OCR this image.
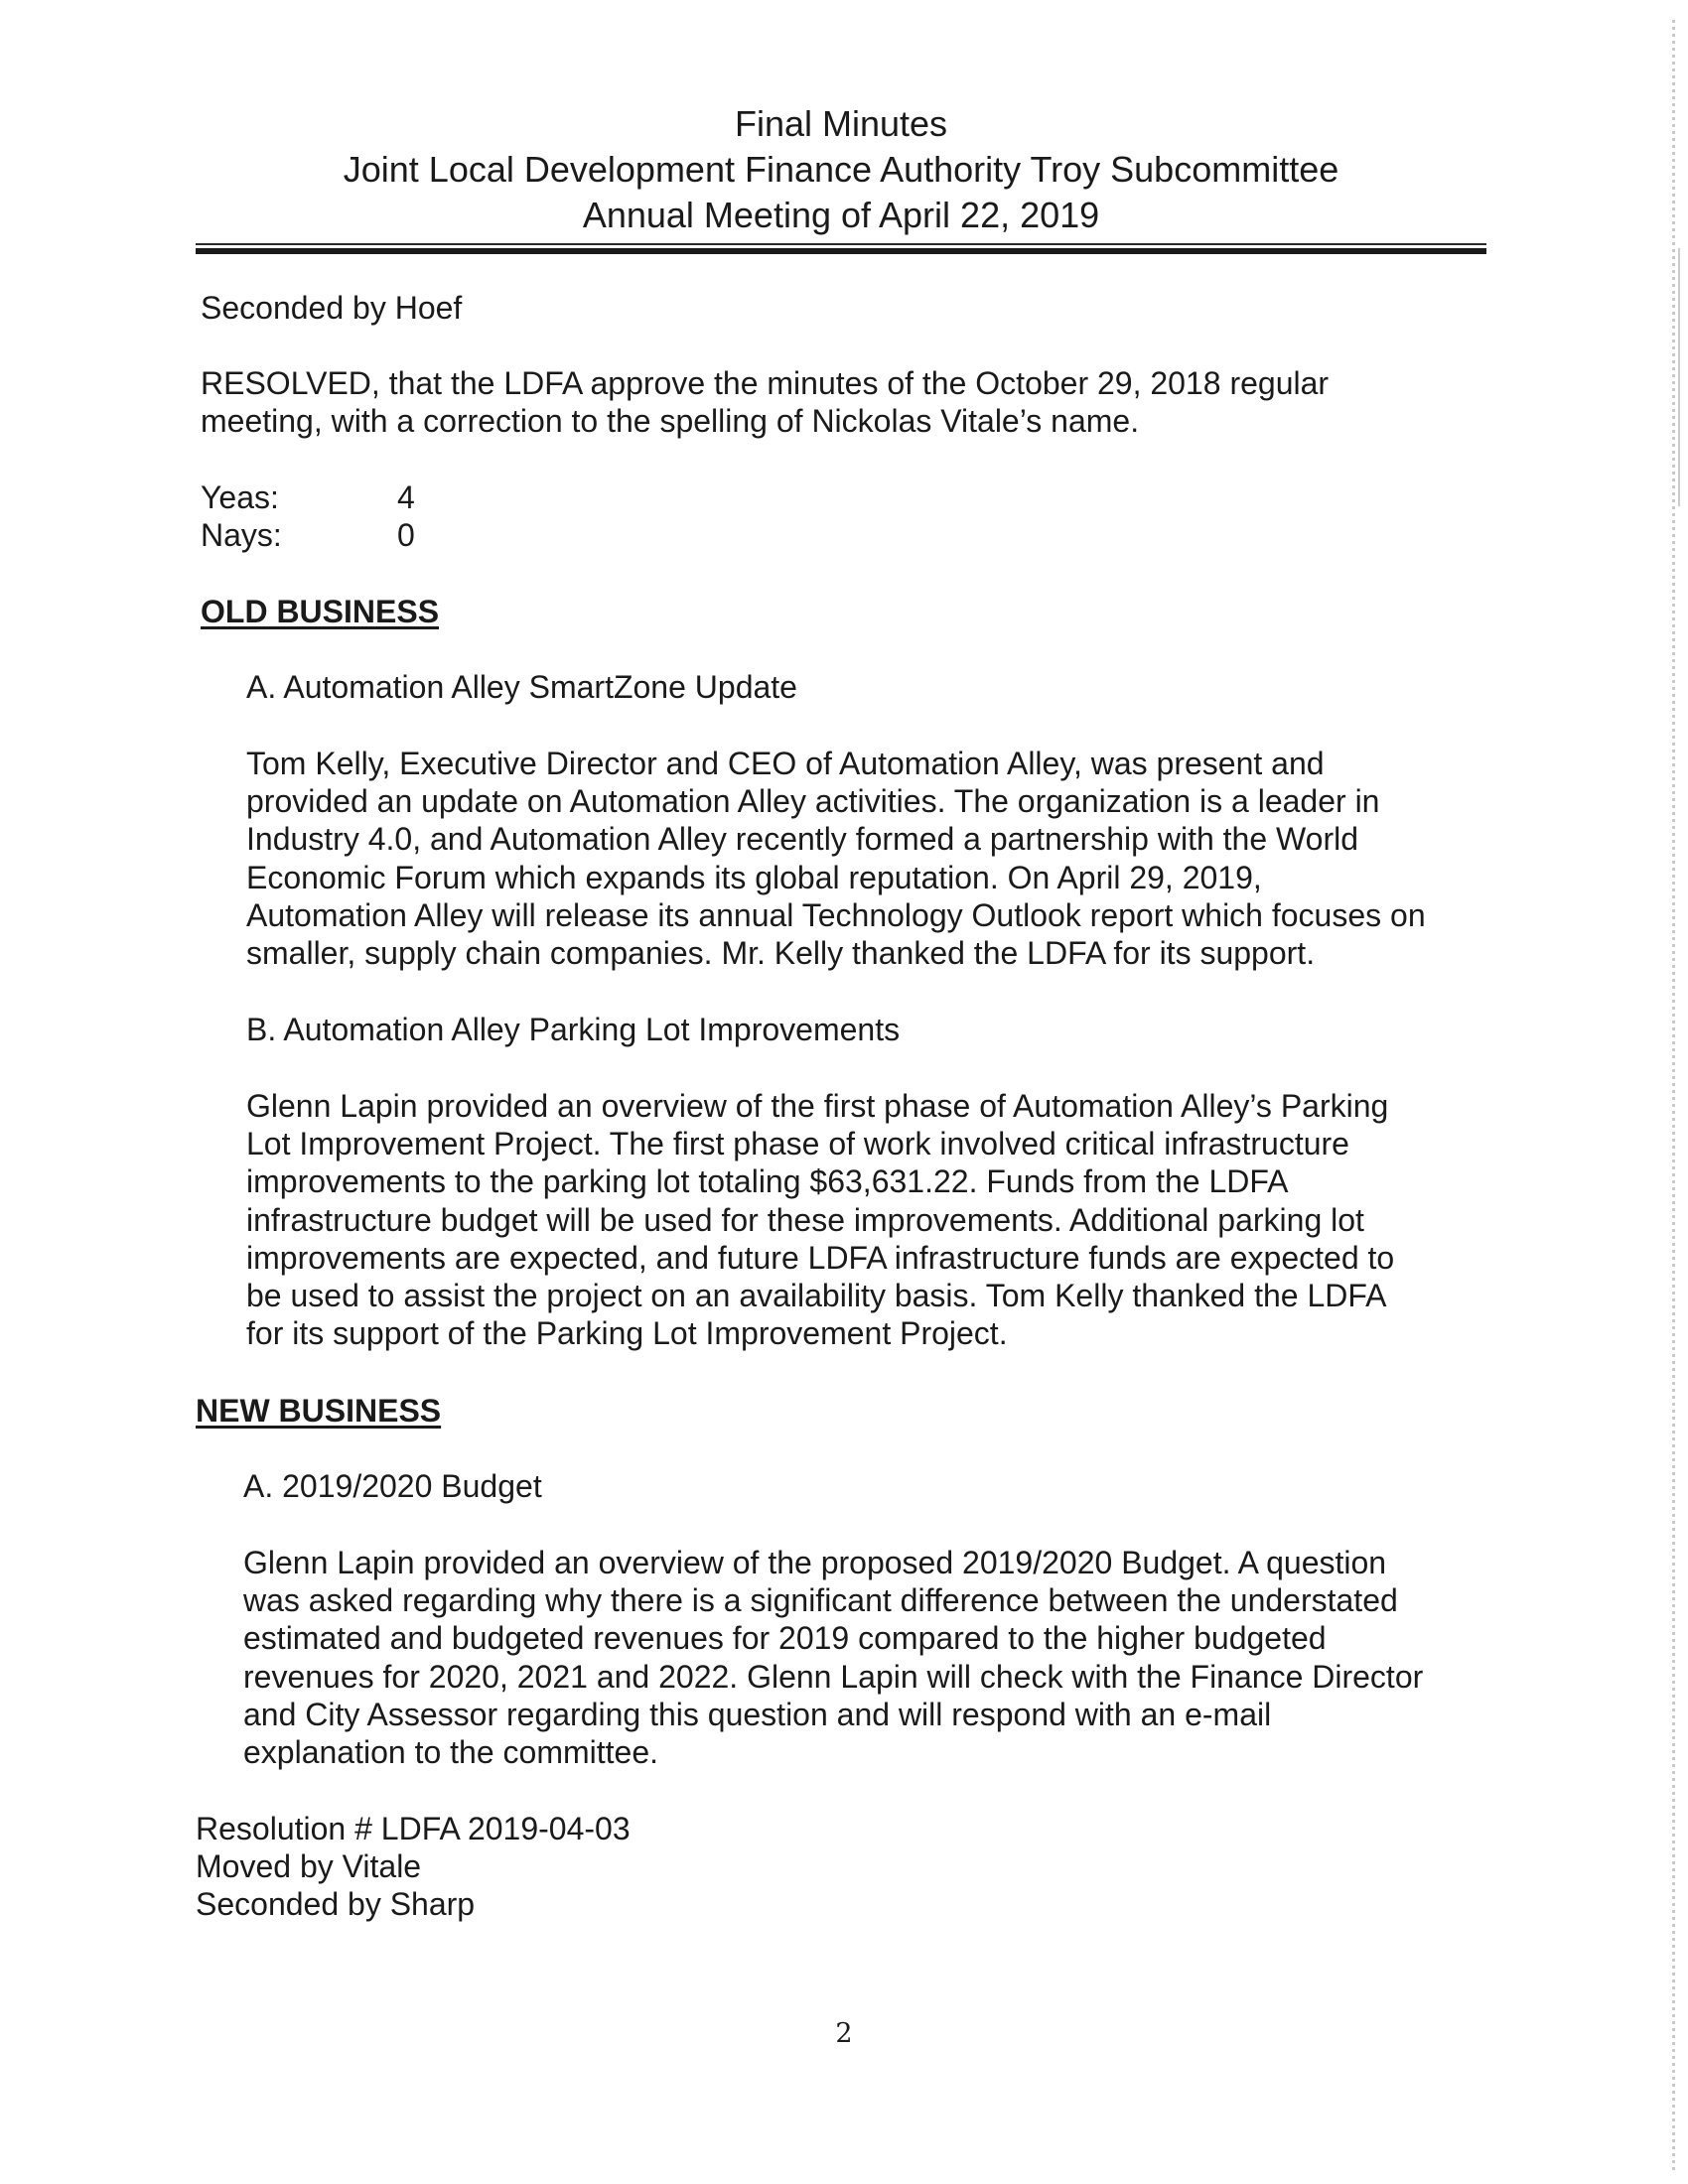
Final Minutes
Joint Local Development Finance Authority Troy Subcommittee
Annual Meeting of April 22, 2019
Seconded by Hoef
RESOLVED, that the LDFA approve the minutes of the October 29, 2018 regular
meeting, with a correction to the spelling of Nickolas Vitale’s name.
Yeas:	4
Nays:	0
OLD BUSINESS
A. Automation Alley SmartZone Update
Tom Kelly, Executive Director and CEO of Automation Alley, was present and
provided an update on Automation Alley activities. The organization is a leader in
Industry 4.0, and Automation Alley recently formed a partnership with the World
Economic Forum which expands its global reputation. On April 29, 2019,
Automation Alley will release its annual Technology Outlook report which focuses on
smaller, supply chain companies. Mr. Kelly thanked the LDFA for its support.
B. Automation Alley Parking Lot Improvements
Glenn Lapin provided an overview of the first phase of Automation Alley’s Parking
Lot Improvement Project. The first phase of work involved critical infrastructure
improvements to the parking lot totaling $63,631.22. Funds from the LDFA
infrastructure budget will be used for these improvements. Additional parking lot
improvements are expected, and future LDFA infrastructure funds are expected to
be used to assist the project on an availability basis. Tom Kelly thanked the LDFA
for its support of the Parking Lot Improvement Project.
NEW BUSINESS
A. 2019/2020 Budget
Glenn Lapin provided an overview of the proposed 2019/2020 Budget. A question
was asked regarding why there is a significant difference between the understated
estimated and budgeted revenues for 2019 compared to the higher budgeted
revenues for 2020, 2021 and 2022. Glenn Lapin will check with the Finance Director
and City Assessor regarding this question and will respond with an e-mail
explanation to the committee.
Resolution # LDFA 2019-04-03
Moved by Vitale
Seconded by Sharp
2
